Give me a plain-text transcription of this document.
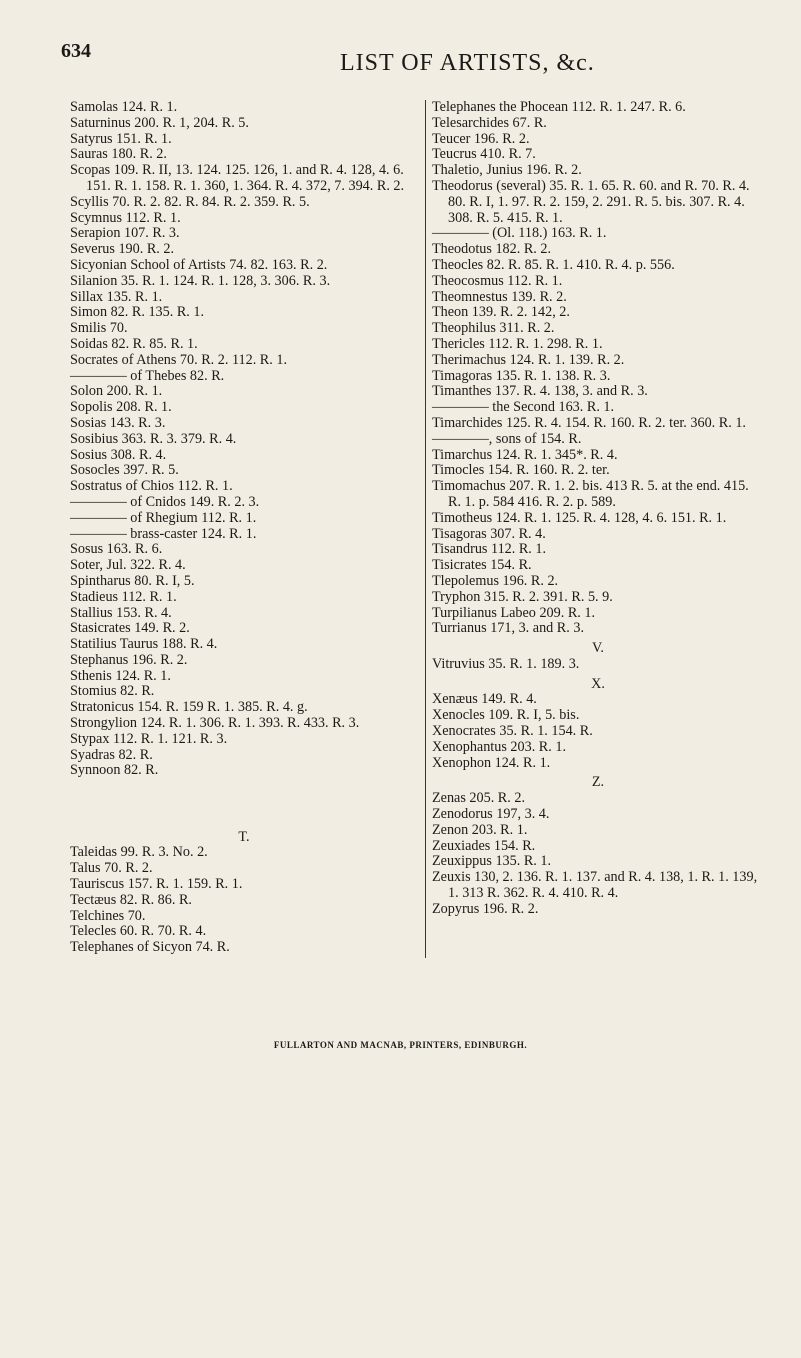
634	LIST OF ARTISTS, &c.

Samolas 124. R. 1.

Saturninus 200. R. 1, 204. R. 5.

Satyrus 151. R. 1.

Sauras 180. R. 2.

Scopas 109. R. II, 13. 124. 125. 126, 1. and R. 4. 128, 4. 6. 151. R. 1. 158. R. 1. 360, 1. 364. R. 4. 372, 7. 394. R. 2.

Scyllis 70. R. 2. 82. R. 84. R. 2. 359. R. 5.

Scymnus 112. R. 1.

Serapion 107. R. 3.

Severus 190. R. 2.

Sicyonian School of Artists 74. 82. 163. R. 2.

Silanion 35. R. 1. 124. R. 1. 128, 3. 306. R. 3.

Sillax 135. R. 1.

Simon 82. R. 135. R. 1.

Smilis 70.

Soidas 82. R. 85. R. 1.

Socrates of Athens 70. R. 2. 112. R. 1.

———— of Thebes 82. R.

Solon 200. R. 1.

Sopolis 208. R. 1.

Sosias 143. R. 3.

Sosibius 363. R. 3. 379. R. 4.

Sosius 308. R. 4.

Sosocles 397. R. 5.

Sostratus of Chios 112. R. 1.

———— of Cnidos 149. R. 2. 3.

———— of Rhegium 112. R. 1.

———— brass-caster 124. R. 1.

Sosus 163. R. 6.

Soter, Jul. 322. R. 4.

Spintharus 80. R. I, 5.

Stadieus 112. R. 1.

Stallius 153. R. 4.

Stasicrates 149. R. 2.

Statilius Taurus 188. R. 4.

Stephanus 196. R. 2.

Sthenis 124. R. 1.

Stomius 82. R.

Stratonicus 154. R. 159 R. 1. 385. R. 4. g.

Strongylion 124. R. 1. 306. R. 1. 393. R. 433. R. 3.

Stypax 112. R. 1. 121. R. 3.

Syadras 82. R.

Synnoon 82. R.

T.

Taleidas 99. R. 3. No. 2.

Talus 70. R. 2.

Tauriscus 157. R. 1. 159. R. 1.

Tectæus 82. R. 86. R.

Telchines 70.

Telecles 60. R. 70. R. 4.

Telephanes of Sicyon 74. R.

Telephanes the Phocean 112. R. 1. 247. R. 6.

Telesarchides 67. R.

Teucer 196. R. 2.

Teucrus 410. R. 7.

Thaletio, Junius 196. R. 2.

Theodorus (several) 35. R. 1. 65. R. 60. and R. 70. R. 4. 80. R. I, 1. 97. R. 2. 159, 2. 291. R. 5. bis. 307. R. 4. 308. R. 5. 415. R. 1.

———— (Ol. 118.) 163. R. 1.

Theodotus 182. R. 2.

Theocles 82. R. 85. R. 1. 410. R. 4. p. 556.

Theocosmus 112. R. 1.

Theomnestus 139. R. 2.

Theon 139. R. 2. 142, 2.

Theophilus 311. R. 2.

Thericles 112. R. 1. 298. R. 1.

Therimachus 124. R. 1. 139. R. 2.

Timagoras 135. R. 1. 138. R. 3.

Timanthes 137. R. 4. 138, 3. and R. 3.

———— the Second 163. R. 1.

Timarchides 125. R. 4. 154. R. 160. R. 2. ter. 360. R. 1.

————, sons of 154. R.

Timarchus 124. R. 1. 345*. R. 4.

Timocles 154. R. 160. R. 2. ter.

Timomachus 207. R. 1. 2. bis. 413 R. 5. at the end. 415. R. 1. p. 584 416. R. 2. p. 589.

Timotheus 124. R. 1. 125. R. 4. 128, 4. 6. 151. R. 1.

Tisagoras 307. R. 4.

Tisandrus 112. R. 1.

Tisicrates 154. R.

Tlepolemus 196. R. 2.

Tryphon 315. R. 2. 391. R. 5. 9.

Turpilianus Labeo 209. R. 1.

Turrianus 171, 3. and R. 3.

V.

Vitruvius 35. R. 1. 189. 3.

X.

Xenæus 149. R. 4.

Xenocles 109. R. I, 5. bis.

Xenocrates 35. R. 1. 154. R.

Xenophantus 203. R. 1.

Xenophon 124. R. 1.

Z.

Zenas 205. R. 2.

Zenodorus 197, 3. 4.

Zenon 203. R. 1.

Zeuxiades 154. R.

Zeuxippus 135. R. 1.

Zeuxis 130, 2. 136. R. 1. 137. and R. 4. 138, 1. R. 1. 139, 1. 313 R. 362. R. 4. 410. R. 4.

Zopyrus 196. R. 2.

FULLARTON AND MACNAB, PRINTERS, EDINBURGH.
